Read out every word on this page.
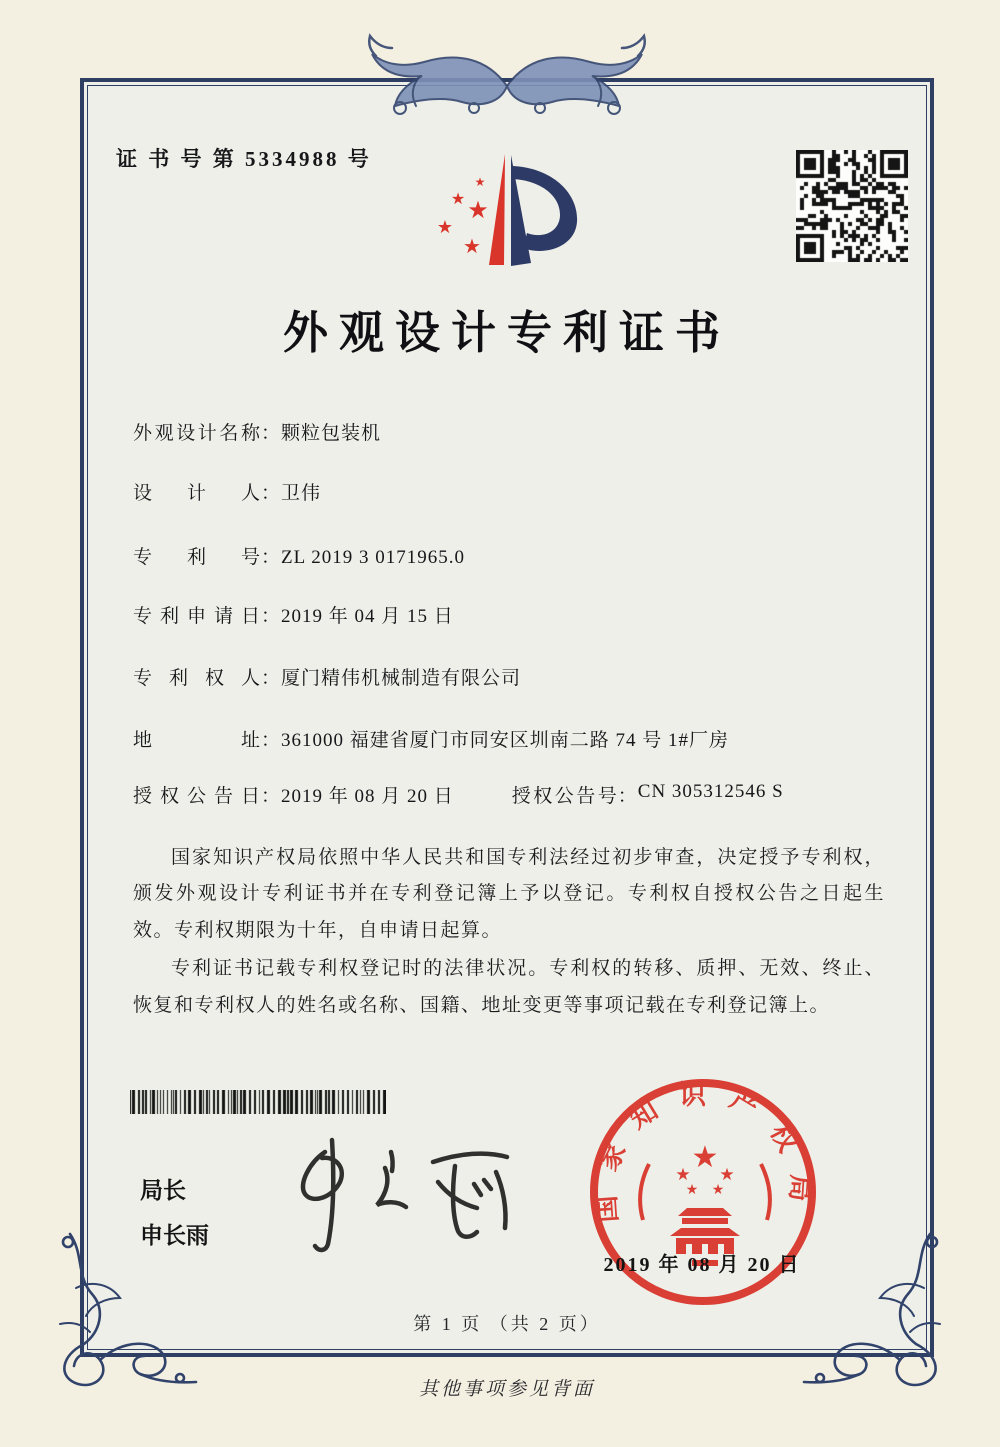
证 书 号 第 5334988 号
★
★ ★
★
★
外观设计专利证书
外观设计名称 ： 颗粒包装机
设计人 ： 卫伟
专利号 ： ZL 2019 3 0171965.0
专利申请日 ： 2019 年 04 月 15 日
专利权人 ： 厦门精伟机械制造有限公司
地址 ： 361000 福建省厦门市同安区圳南二路 74 号 1#厂房
授权公告日 ： 2019 年 08 月 20 日	授权公告号 ： CN 305312546 S

国家知识产权局依照中华人民共和国专利法经过初步审查，决定授予专利权，颁发外观设计专利证书并在专利登记簿上予以登记。专利权自授权公告之日起生效。专利权期限为十年，自申请日起算。

专利证书记载专利权登记时的法律状况。专利权的转移、质押、无效、终止、恢复和专利权人的姓名或名称、国籍、地址变更等事项记载在专利登记簿上。

局长
申长雨
国家知识产权局
★
★ ★
★ ★
2019 年 08 月 20 日
第 1 页 （共 2 页）
其他事项参见背面
